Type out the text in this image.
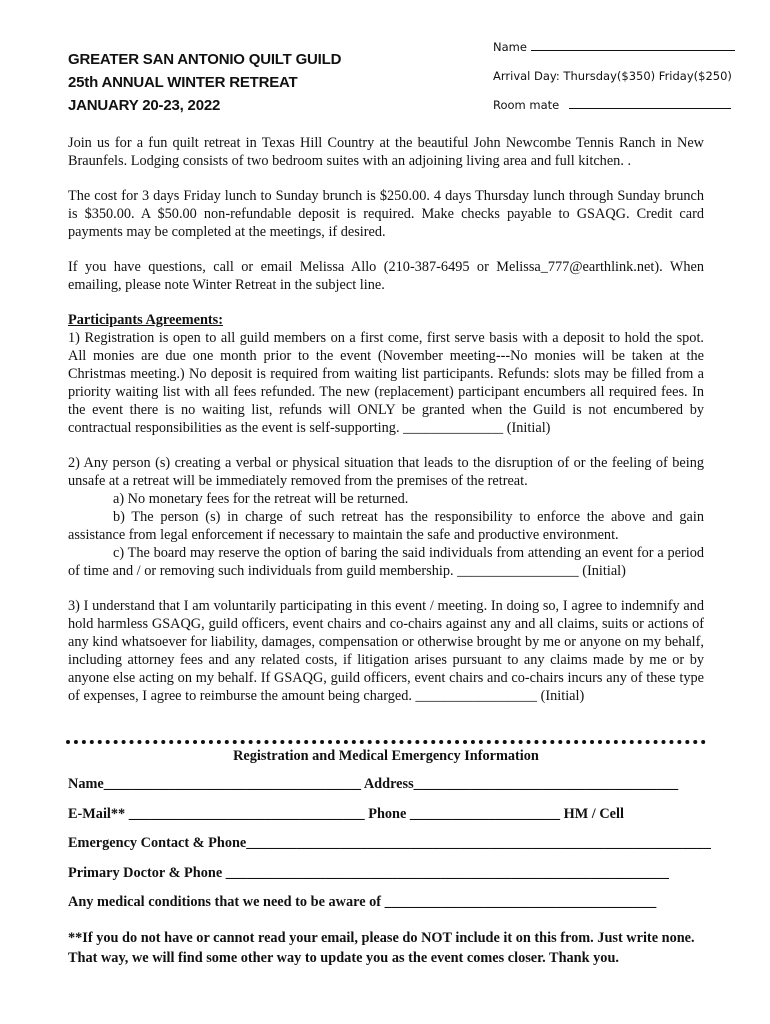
GREATER SAN ANTONIO QUILT GUILD
25th ANNUAL WINTER RETREAT
JANUARY 20-23, 2022
Name
Arrival Day: Thursday($350) Friday($250)
Room mate

Join us for a fun quilt retreat in Texas Hill Country at the beautiful John Newcombe Tennis Ranch in New Braunfels. Lodging consists of two bedroom suites with an adjoining living area and full kitchen. .

The cost for 3 days Friday lunch to Sunday brunch is $250.00. 4 days Thursday lunch through Sunday brunch is $350.00. A $50.00 non-refundable deposit is required. Make checks payable to GSAQG. Credit card payments may be completed at the meetings, if desired.

If you have questions, call or email Melissa Allo (210-387-6495 or Melissa_777@earthlink.net). When emailing, please note Winter Retreat in the subject line.

Participants Agreements:

1) Registration is open to all guild members on a first come, first serve basis with a deposit to hold the spot. All monies are due one month prior to the event (November meeting---No monies will be taken at the Christmas meeting.) No deposit is required from waiting list participants. Refunds: slots may be filled from a priority waiting list with all fees refunded. The new (replacement) participant encumbers all required fees. In the event there is no waiting list, refunds will ONLY be granted when the Guild is not encumbered by contractual responsibilities as the event is self-supporting. ______________ (Initial)

2) Any person (s) creating a verbal or physical situation that leads to the disruption of or the feeling of being unsafe at a retreat will be immediately removed from the premises of the retreat.

a) No monetary fees for the retreat will be returned.

b) The person (s) in charge of such retreat has the responsibility to enforce the above and gain assistance from legal enforcement if necessary to maintain the safe and productive environment.

c) The board may reserve the option of baring the said individuals from attending an event for a period of time and / or removing such individuals from guild membership. _________________ (Initial)

3) I understand that I am voluntarily participating in this event / meeting. In doing so, I agree to indemnify and hold harmless GSAQG, guild officers, event chairs and co-chairs against any and all claims, suits or actions of any kind whatsoever for liability, damages, compensation or otherwise brought by me or anyone on my behalf, including attorney fees and any related costs, if litigation arises pursuant to any claims made by me or by anyone else acting on my behalf. If GSAQG, guild officers, event chairs and co-chairs incurs any of these type of expenses, I agree to reimburse the amount being charged. _________________ (Initial)

Registration and Medical Emergency Information
Name____________________________________ Address_____________________________________
E-Mail** _________________________________ Phone _____________________ HM / Cell
Emergency Contact & Phone_________________________________________________________________
Primary Doctor & Phone ______________________________________________________________
Any medical conditions that we need to be aware of ______________________________________
**If you do not have or cannot read your email, please do NOT include it on this from. Just write none. That way, we will find some other way to update you as the event comes closer. Thank you.
